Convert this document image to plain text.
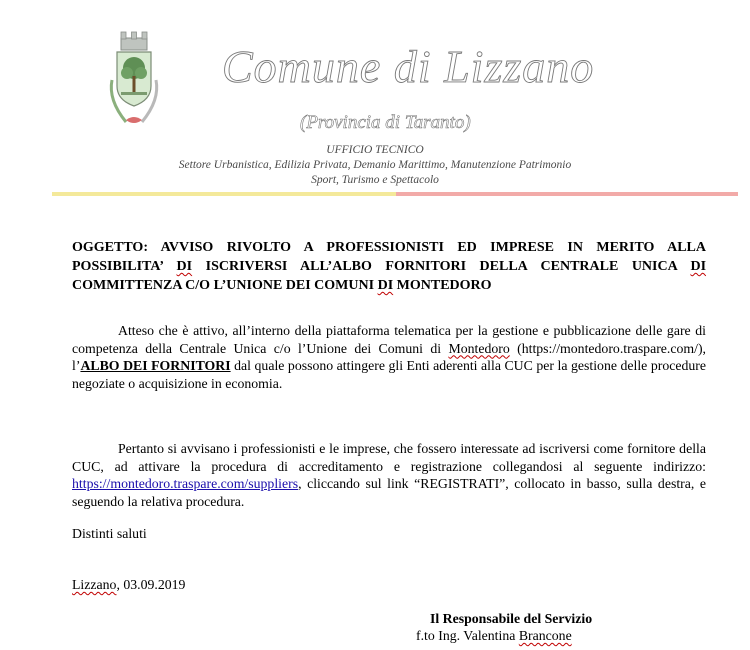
Comune di Lizzano
(Provincia di Taranto)
UFFICIO TECNICO
Settore Urbanistica, Edilizia Privata, Demanio Marittimo, Manutenzione Patrimonio
Sport, Turismo e Spettacolo
OGGETTO: AVVISO RIVOLTO A PROFESSIONISTI ED IMPRESE IN MERITO ALLA POSSIBILITA’ DI ISCRIVERSI ALL’ALBO FORNITORI DELLA CENTRALE UNICA DI COMMITTENZA C/O L’UNIONE DEI COMUNI DI MONTEDORO
Atteso che è attivo, all’interno della piattaforma telematica per la gestione e pubblicazione delle gare di competenza della Centrale Unica c/o l’Unione dei Comuni di Montedoro (https://montedoro.traspare.com/), l’ALBO DEI FORNITORI dal quale possono attingere gli Enti aderenti alla CUC per la gestione delle procedure negoziate o acquisizione in economia.
Pertanto si avvisano i professionisti e le imprese, che fossero interessate ad iscriversi come fornitore della CUC, ad attivare la procedura di accreditamento e registrazione collegandosi al seguente indirizzo: https://montedoro.traspare.com/suppliers, cliccando sul link “REGISTRATI”, collocato in basso, sulla destra, e seguendo la relativa procedura.
Distinti saluti
Lizzano, 03.09.2019
Il Responsabile del Servizio
f.to Ing. Valentina Brancone
